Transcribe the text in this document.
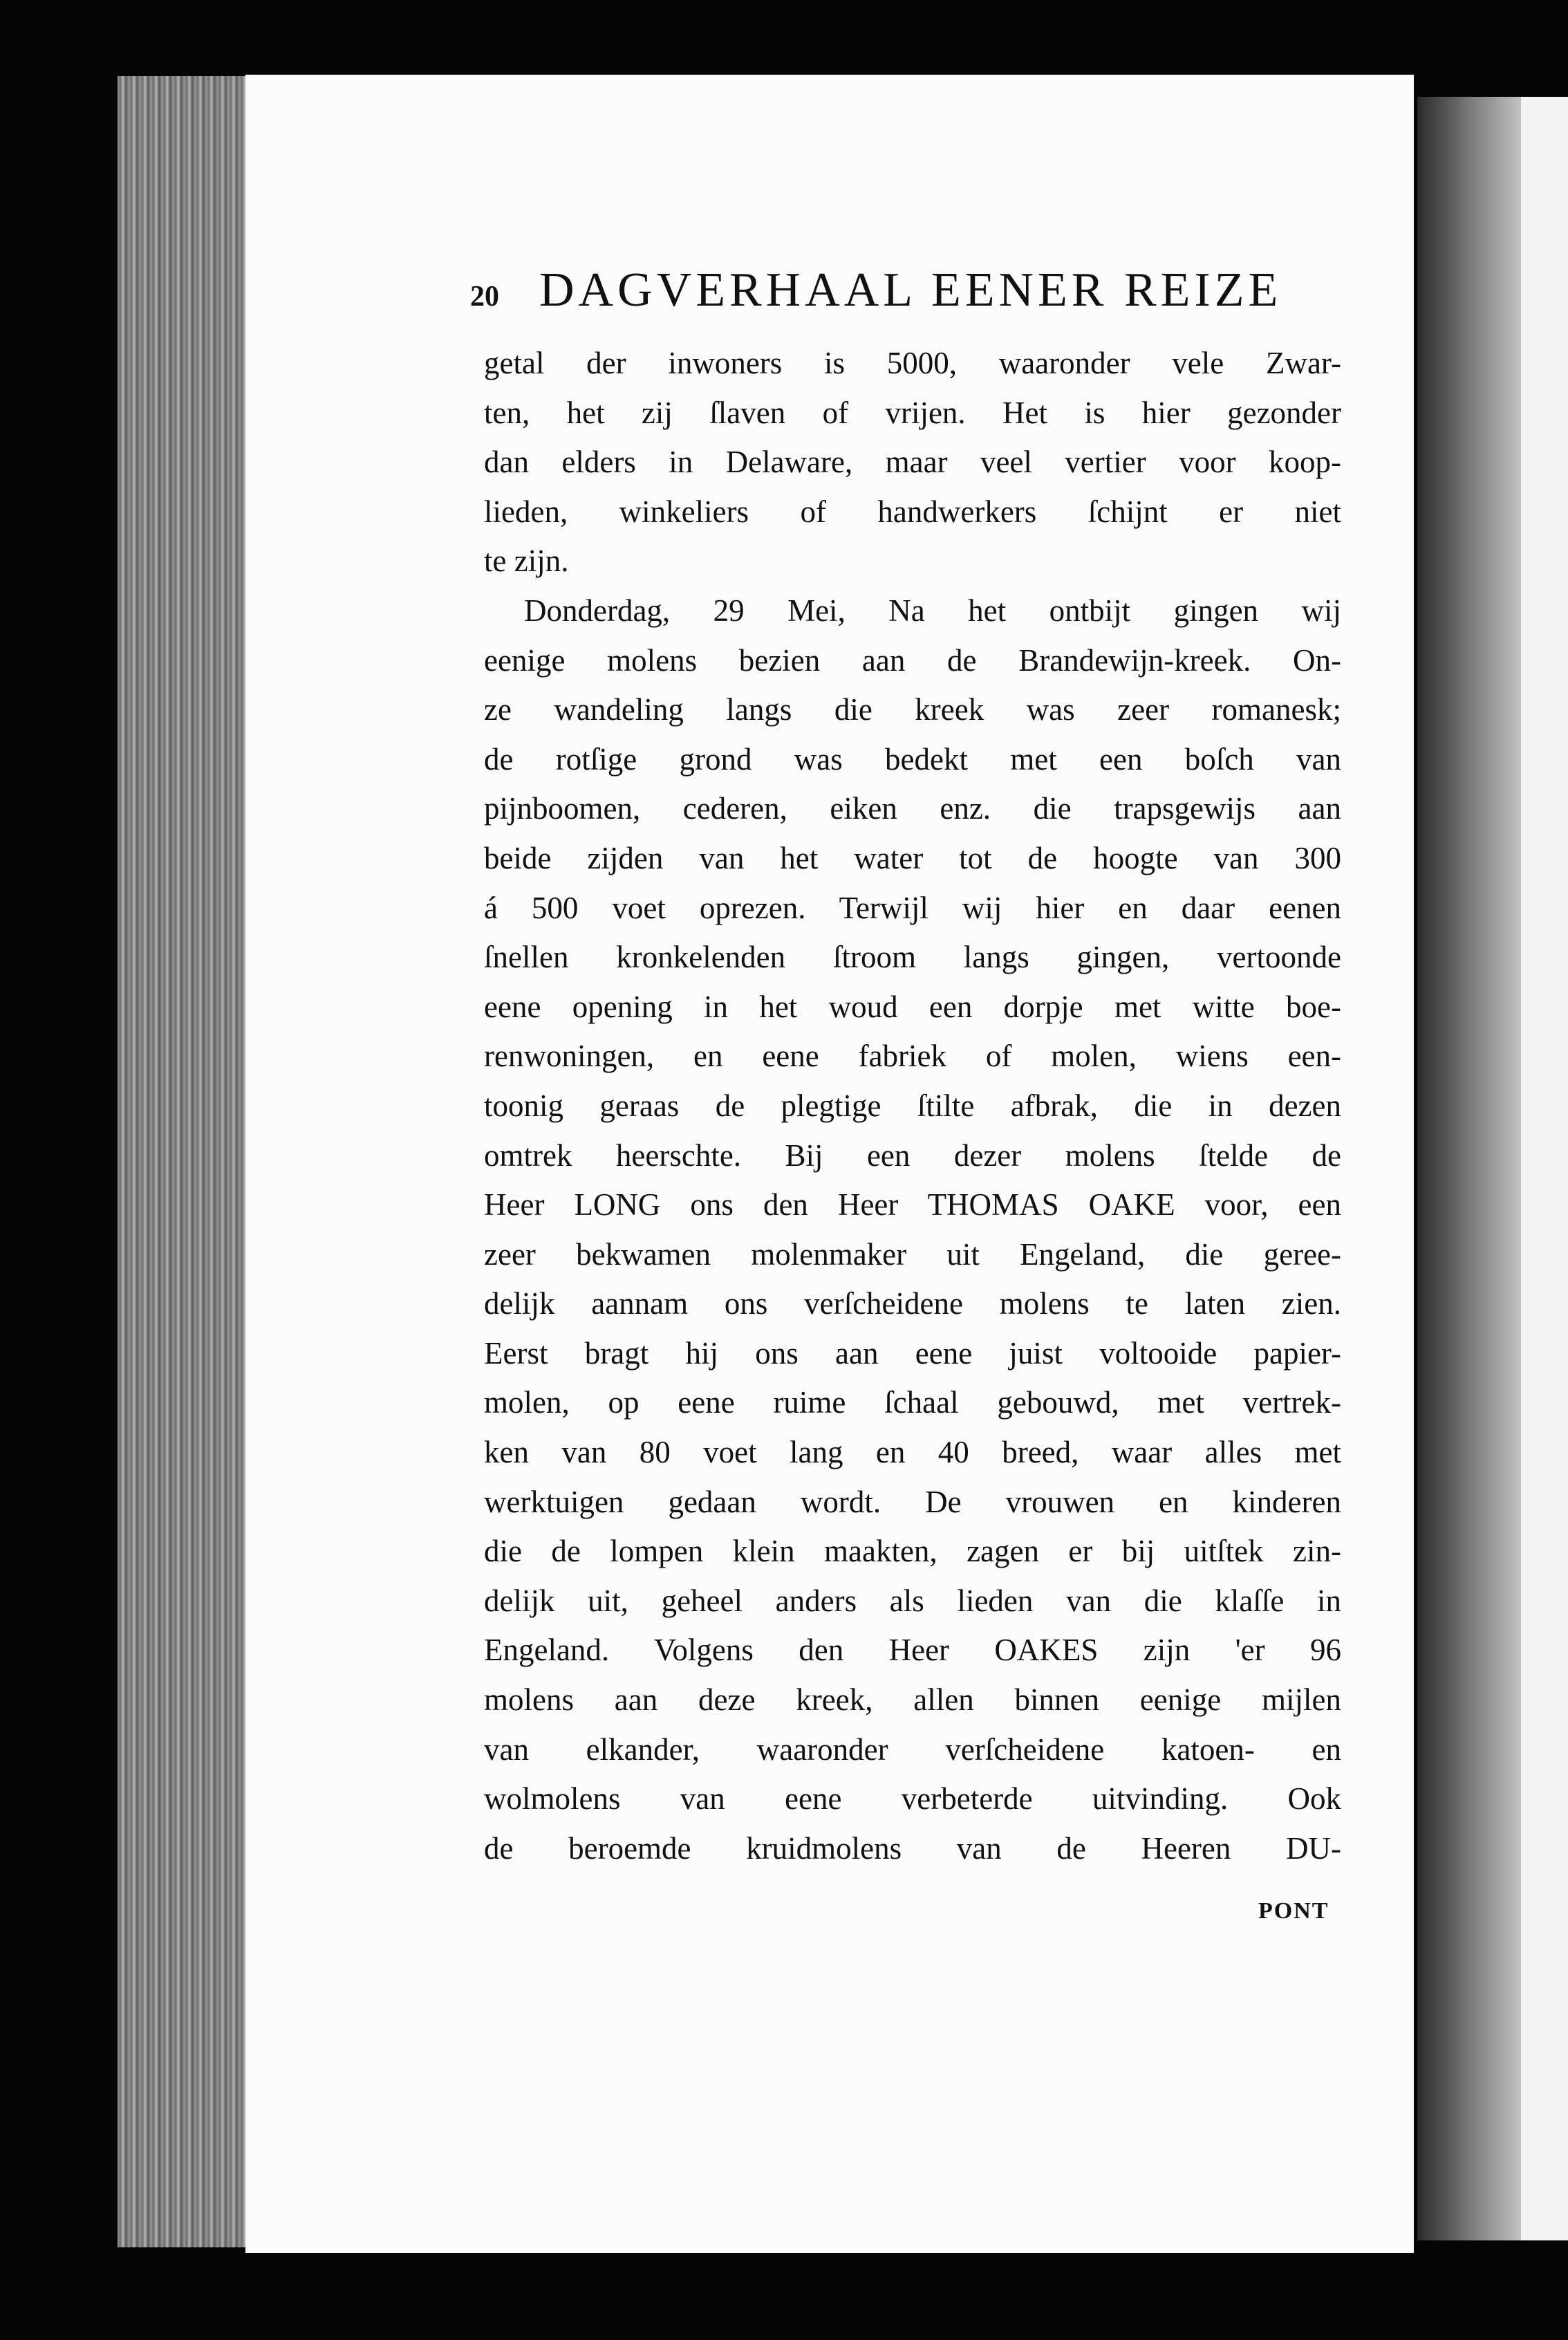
20 DAGVERHAAL EENER REIZE
getal der inwoners is 5000, waaronder vele Zwar-
ten, het zij ſlaven of vrijen. Het is hier gezonder
dan elders in Delaware, maar veel vertier voor koop-
lieden, winkeliers of handwerkers ſchijnt er niet
te zijn.
Donderdag, 29 Mei, Na het ontbijt gingen wij
eenige molens bezien aan de Brandewijn-kreek. On-
ze wandeling langs die kreek was zeer romanesk;
de rotſige grond was bedekt met een boſch van
pijnboomen, cederen, eiken enz. die trapsgewijs aan
beide zijden van het water tot de hoogte van 300
á 500 voet oprezen. Terwijl wij hier en daar eenen
ſnellen kronkelenden ſtroom langs gingen, vertoonde
eene opening in het woud een dorpje met witte boe-
renwoningen, en eene fabriek of molen, wiens een-
toonig geraas de plegtige ſtilte afbrak, die in dezen
omtrek heerschte. Bij een dezer molens ſtelde de
Heer LONG ons den Heer THOMAS OAKE voor, een
zeer bekwamen molenmaker uit Engeland, die geree-
delijk aannam ons verſcheidene molens te laten zien.
Eerst bragt hij ons aan eene juist voltooide papier-
molen, op eene ruime ſchaal gebouwd, met vertrek-
ken van 80 voet lang en 40 breed, waar alles met
werktuigen gedaan wordt. De vrouwen en kinderen
die de lompen klein maakten, zagen er bij uitſtek zin-
delijk uit, geheel anders als lieden van die klaſſe in
Engeland. Volgens den Heer OAKES zijn 'er 96
molens aan deze kreek, allen binnen eenige mijlen
van elkander, waaronder verſcheidene katoen- en
wolmolens van eene verbeterde uitvinding. Ook
de beroemde kruidmolens van de Heeren DU-
PONT
